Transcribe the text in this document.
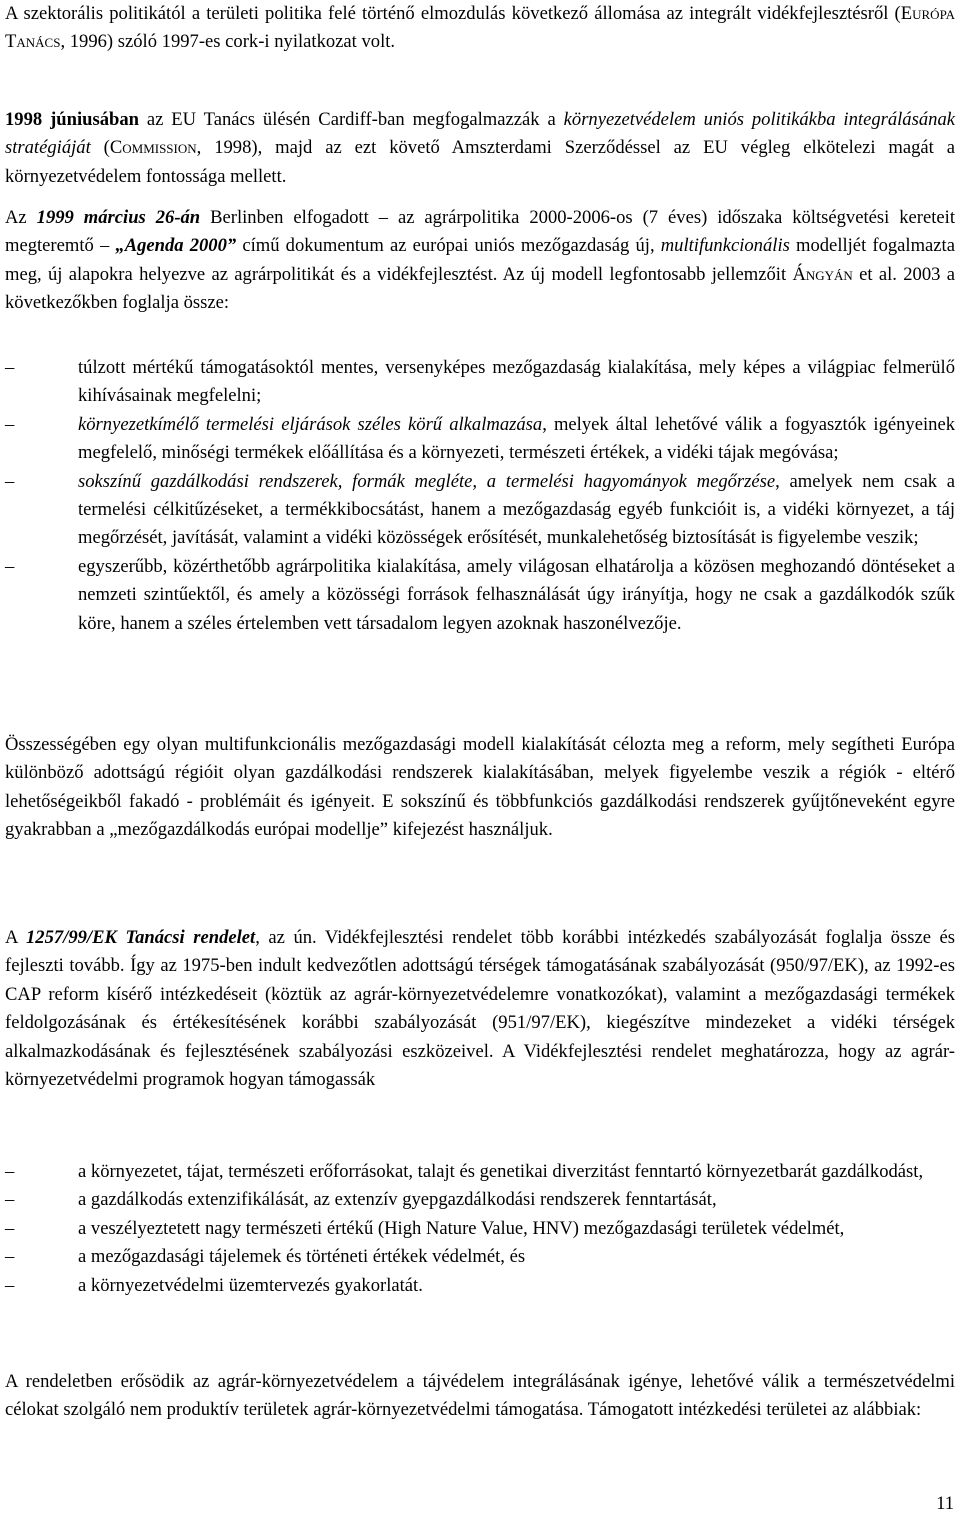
A szektorális politikától a területi politika felé történő elmozdulás következő állomása az integrált vidékfejlesztésről (Európa Tanács, 1996) szóló 1997-es cork-i nyilatkozat volt.

1998 júniusában az EU Tanács ülésén Cardiff-ban megfogalmazzák a környezetvédelem uniós politikákba integrálásának stratégiáját (Commission, 1998), majd az ezt követő Amszterdami Szerződéssel az EU végleg elkötelezi magát a környezetvédelem fontossága mellett.

Az 1999 március 26-án Berlinben elfogadott – az agrárpolitika 2000-2006-os (7 éves) időszaka költségvetési kereteit megteremtő – „Agenda 2000” című dokumentum az európai uniós mezőgazdaság új, multifunkcionális modelljét fogalmazta meg, új alapokra helyezve az agrárpolitikát és a vidékfejlesztést. Az új modell legfontosabb jellemzőit Ángyán et al. 2003 a következőkben foglalja össze:

– túlzott mértékű támogatásoktól mentes, versenyképes mezőgazdaság kialakítása, mely képes a világpiac felmerülő kihívásainak megfelelni;

– környezetkímélő termelési eljárások széles körű alkalmazása, melyek által lehetővé válik a fogyasztók igényeinek megfelelő, minőségi termékek előállítása és a környezeti, természeti értékek, a vidéki tájak megóvása;

– sokszínű gazdálkodási rendszerek, formák megléte, a termelési hagyományok megőrzése, amelyek nem csak a termelési célkitűzéseket, a termékkibocsátást, hanem a mezőgazdaság egyéb funkcióit is, a vidéki környezet, a táj megőrzését, javítását, valamint a vidéki közösségek erősítését, munkalehetőség biztosítását is figyelembe veszik;

– egyszerűbb, közérthetőbb agrárpolitika kialakítása, amely világosan elhatárolja a közösen meghozandó döntéseket a nemzeti szintűektől, és amely a közösségi források felhasználását úgy irányítja, hogy ne csak a gazdálkodók szűk köre, hanem a széles értelemben vett társadalom legyen azoknak haszonélvezője.

Összességében egy olyan multifunkcionális mezőgazdasági modell kialakítását célozta meg a reform, mely segítheti Európa különböző adottságú régióit olyan gazdálkodási rendszerek kialakításában, melyek figyelembe veszik a régiók - eltérő lehetőségeikből fakadó - problémáit és igényeit. E sokszínű és többfunkciós gazdálkodási rendszerek gyűjtőneveként egyre gyakrabban a „mezőgazdálkodás európai modellje” kifejezést használjuk.

A 1257/99/EK Tanácsi rendelet, az ún. Vidékfejlesztési rendelet több korábbi intézkedés szabályozását foglalja össze és fejleszti tovább. Így az 1975-ben indult kedvezőtlen adottságú térségek támogatásának szabályozását (950/97/EK), az 1992-es CAP reform kísérő intézkedéseit (köztük az agrár-környezetvédelemre vonatkozókat), valamint a mezőgazdasági termékek feldolgozásának és értékesítésének korábbi szabályozását (951/97/EK), kiegészítve mindezeket a vidéki térségek alkalmazkodásának és fejlesztésének szabályozási eszközeivel. A Vidékfejlesztési rendelet meghatározza, hogy az agrár-környezetvédelmi programok hogyan támogassák

– a környezetet, tájat, természeti erőforrásokat, talajt és genetikai diverzitást fenntartó környezetbarát gazdálkodást,

– a gazdálkodás extenzifikálását, az extenzív gyepgazdálkodási rendszerek fenntartását,

– a veszélyeztetett nagy természeti értékű (High Nature Value, HNV) mezőgazdasági területek védelmét,

– a mezőgazdasági tájelemek és történeti értékek védelmét, és

– a környezetvédelmi üzemtervezés gyakorlatát.

A rendeletben erősödik az agrár-környezetvédelem a tájvédelem integrálásának igénye, lehetővé válik a természetvédelmi célokat szolgáló nem produktív területek agrár-környezetvédelmi támogatása. Támogatott intézkedési területei az alábbiak:

11
